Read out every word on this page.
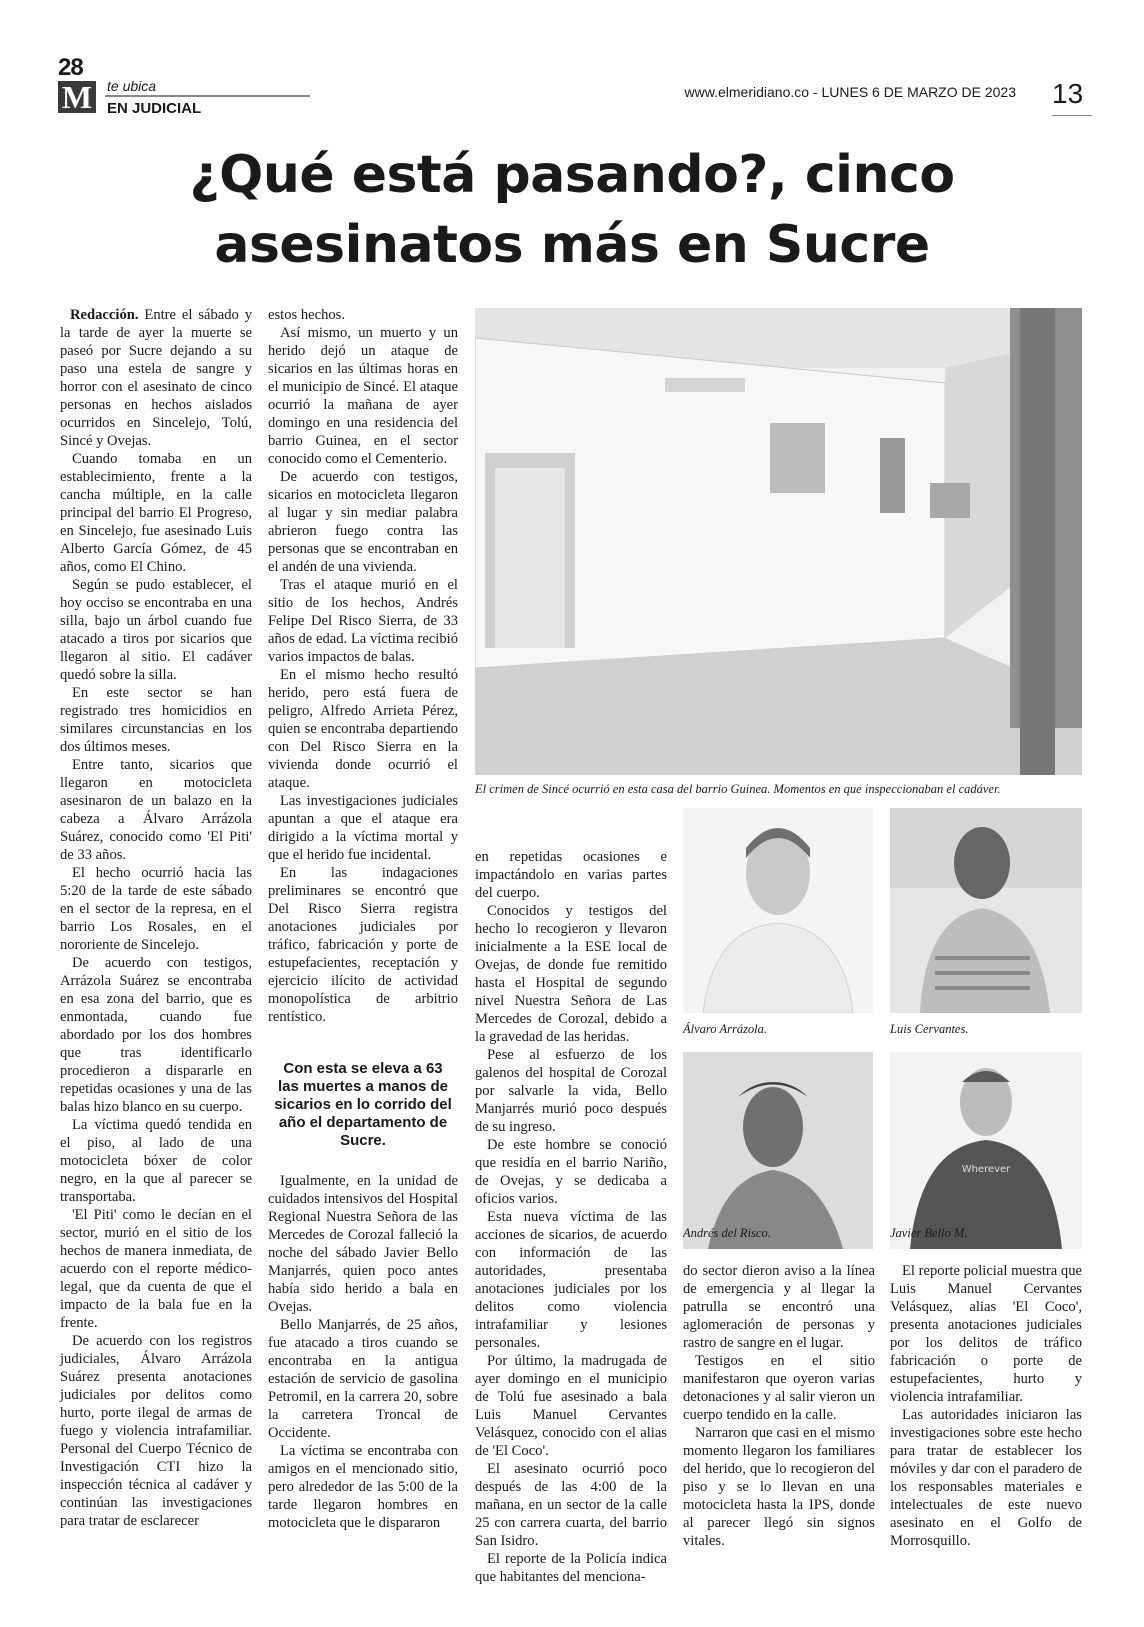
28
M te ubica
EN JUDICIAL
www.elmeridiano.co - LUNES 6 DE MARZO DE 2023 13
¿Qué está pasando?, cinco asesinatos más en Sucre

Redacción. Entre el sábado y la tarde de ayer la muerte se paseó por Sucre dejando a su paso una estela de sangre y horror con el asesinato de cinco personas en hechos aislados ocurridos en Sincelejo, Tolú, Sincé y Ovejas.

Cuando tomaba en un establecimiento, frente a la cancha múltiple, en la calle principal del barrio El Progreso, en Sincelejo, fue asesinado Luis Alberto García Gómez, de 45 años, como El Chino.

Según se pudo establecer, el hoy occiso se encontraba en una silla, bajo un árbol cuando fue atacado a tiros por sicarios que llegaron al sitio. El cadáver quedó sobre la silla.

En este sector se han registrado tres homicidios en similares circunstancias en los dos últimos meses.

Entre tanto, sicarios que llegaron en motocicleta asesinaron de un balazo en la cabeza a Álvaro Arrázola Suárez, conocido como 'El Piti' de 33 años.

El hecho ocurrió hacia las 5:20 de la tarde de este sábado en el sector de la represa, en el barrio Los Rosales, en el nororiente de Sincelejo.

De acuerdo con testigos, Arrázola Suárez se encontraba en esa zona del barrio, que es enmontada, cuando fue abordado por los dos hombres que tras identificarlo procedieron a dispararle en repetidas ocasiones y una de las balas hizo blanco en su cuerpo.

La víctima quedó tendida en el piso, al lado de una motocicleta bóxer de color negro, en la que al parecer se transportaba.

'El Piti' como le decían en el sector, murió en el sitio de los hechos de manera inmediata, de acuerdo con el reporte médico-legal, que da cuenta de que el impacto de la bala fue en la frente.

De acuerdo con los registros judiciales, Álvaro Arrázola Suárez presenta anotaciones judiciales por delitos como hurto, porte ilegal de armas de fuego y violencia intrafamiliar. Personal del Cuerpo Técnico de Investigación CTI hizo la inspección técnica al cadáver y continúan las investigaciones para tratar de esclarecer

estos hechos.

Así mismo, un muerto y un herido dejó un ataque de sicarios en las últimas horas en el municipio de Sincé. El ataque ocurrió la mañana de ayer domingo en una residencia del barrio Guinea, en el sector conocido como el Cementerio.

De acuerdo con testigos, sicarios en motocicleta llegaron al lugar y sin mediar palabra abrieron fuego contra las personas que se encontraban en el andén de una vivienda.

Tras el ataque murió en el sitio de los hechos, Andrés Felipe Del Risco Sierra, de 33 años de edad. La víctima recibió varios impactos de balas.

En el mismo hecho resultó herido, pero está fuera de peligro, Alfredo Arrieta Pérez, quien se encontraba departiendo con Del Risco Sierra en la vivienda donde ocurrió el ataque.

Las investigaciones judiciales apuntan a que el ataque era dirigido a la víctima mortal y que el herido fue incidental.

En las indagaciones preliminares se encontró que Del Risco Sierra registra anotaciones judiciales por tráfico, fabricación y porte de estupefacientes, receptación y ejercicio ilícito de actividad monopolística de arbitrio rentístico.

Con esta se eleva a 63 las muertes a manos de sicarios en lo corrido del año el departamento de Sucre.

Igualmente, en la unidad de cuidados intensivos del Hospital Regional Nuestra Señora de las Mercedes de Corozal falleció la noche del sábado Javier Bello Manjarrés, quien poco antes había sido herido a bala en Ovejas.

Bello Manjarrés, de 25 años, fue atacado a tiros cuando se encontraba en la antigua estación de servicio de gasolina Petromil, en la carrera 20, sobre la carretera Troncal de Occidente.

La víctima se encontraba con amigos en el mencionado sitio, pero alrededor de las 5:00 de la tarde llegaron hombres en motocicleta que le dispararon

El crimen de Sincé ocurrió en esta casa del barrio Guinea. Momentos en que inspeccionaban el cadáver.

en repetidas ocasiones e impactándolo en varias partes del cuerpo.

Conocidos y testigos del hecho lo recogieron y llevaron inicialmente a la ESE local de Ovejas, de donde fue remitido hasta el Hospital de segundo nivel Nuestra Señora de Las Mercedes de Corozal, debido a la gravedad de las heridas.

Pese al esfuerzo de los galenos del hospital de Corozal por salvarle la vida, Bello Manjarrés murió poco después de su ingreso.

De este hombre se conoció que residía en el barrio Nariño, de Ovejas, y se dedicaba a oficios varios.

Esta nueva víctima de las acciones de sicarios, de acuerdo con información de las autoridades, presentaba anotaciones judiciales por los delitos como violencia intrafamiliar y lesiones personales.

Por último, la madrugada de ayer domingo en el municipio de Tolú fue asesinado a bala Luis Manuel Cervantes Velásquez, conocido con el alias de 'El Coco'.

El asesinato ocurrió poco después de las 4:00 de la mañana, en un sector de la calle 25 con carrera cuarta, del barrio San Isidro.

El reporte de la Policía indica que habitantes del menciona-

Álvaro Arrázola.	Luis Cervantes.
Wherever
Andrés del Risco.	Javier Bello M.

do sector dieron aviso a la línea de emergencia y al llegar la patrulla se encontró una aglomeración de personas y rastro de sangre en el lugar.

Testigos en el sitio manifestaron que oyeron varias detonaciones y al salir vieron un cuerpo tendido en la calle.

Narraron que casi en el mismo momento llegaron los familiares del herido, que lo recogieron del piso y se lo llevan en una motocicleta hasta la IPS, donde al parecer llegó sin signos vitales.

El reporte policial muestra que Luis Manuel Cervantes Velásquez, alias 'El Coco', presenta anotaciones judiciales por los delitos de tráfico fabricación o porte de estupefacientes, hurto y violencia intrafamiliar.

Las autoridades iniciaron las investigaciones sobre este hecho para tratar de establecer los móviles y dar con el paradero de los responsables materiales e intelectuales de este nuevo asesinato en el Golfo de Morrosquillo.
